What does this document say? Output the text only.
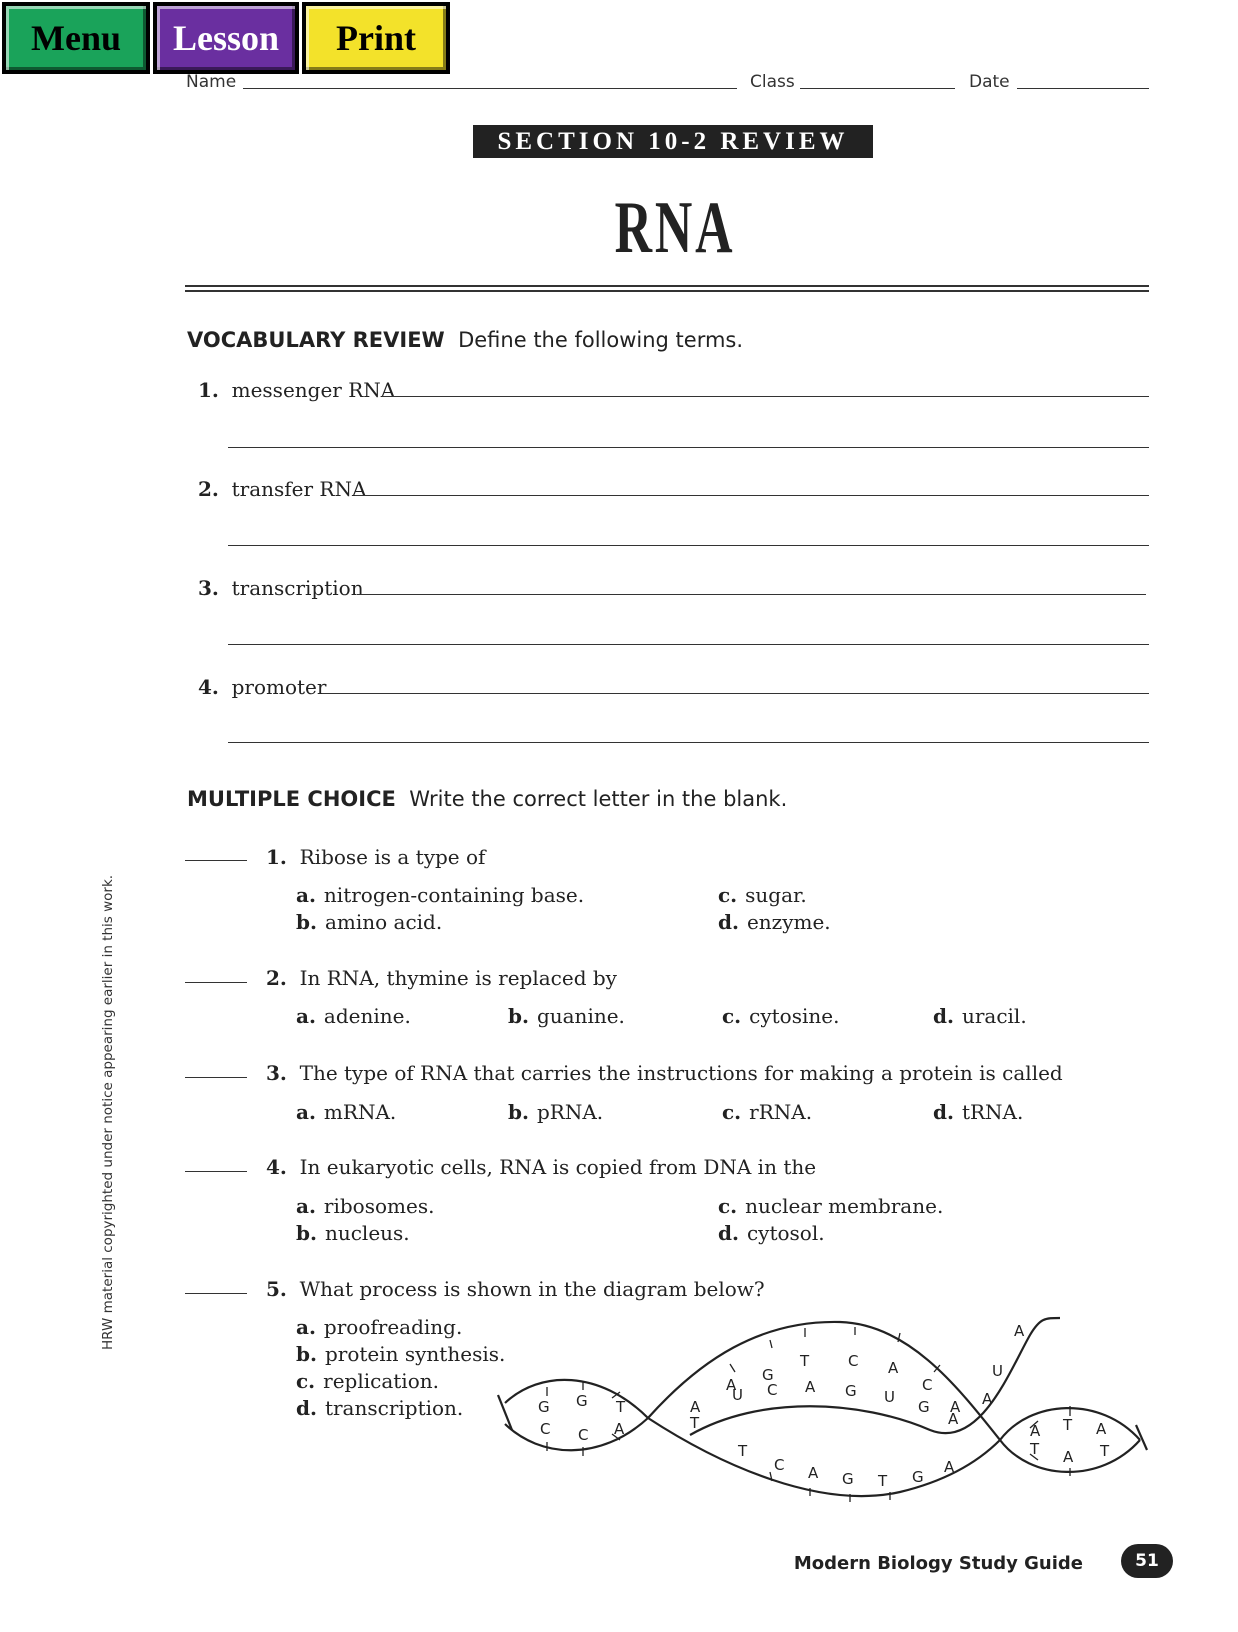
Menu	Lesson	Print
Name	Class	Date
SECTION 10-2 REVIEW
RNA
VOCABULARY REVIEW Define the following terms.
1. messenger RNA
2. transfer RNA
3. transcription
4. promoter
MULTIPLE CHOICE Write the correct letter in the blank.
1. Ribose is a type of
a. nitrogen-containing base.
b. amino acid.
c. sugar.
d. enzyme.
2. In RNA, thymine is replaced by
a. adenine.	b. guanine.	c. cytosine.	d. uracil.
3. The type of RNA that carries the instructions for making a protein is called
a. mRNA.	b. pRNA.	c. rRNA.	d. tRNA.
4. In eukaryotic cells, RNA is copied from DNA in the
a. ribosomes.
b. nucleus.
c. nuclear membrane.
d. cytosol.
5. What process is shown in the diagram below?
a. proofreading.
b. protein synthesis.
c. replication.
d. transcription.	G G T
C C A
A
A
G
T	C A
C
A
U C A G U
G
A
A
U
A
T
T
C A G T G
A
A T A
T A T
HRW material copyrighted under notice appearing earlier in this work.
Modern Biology Study Guide	51
